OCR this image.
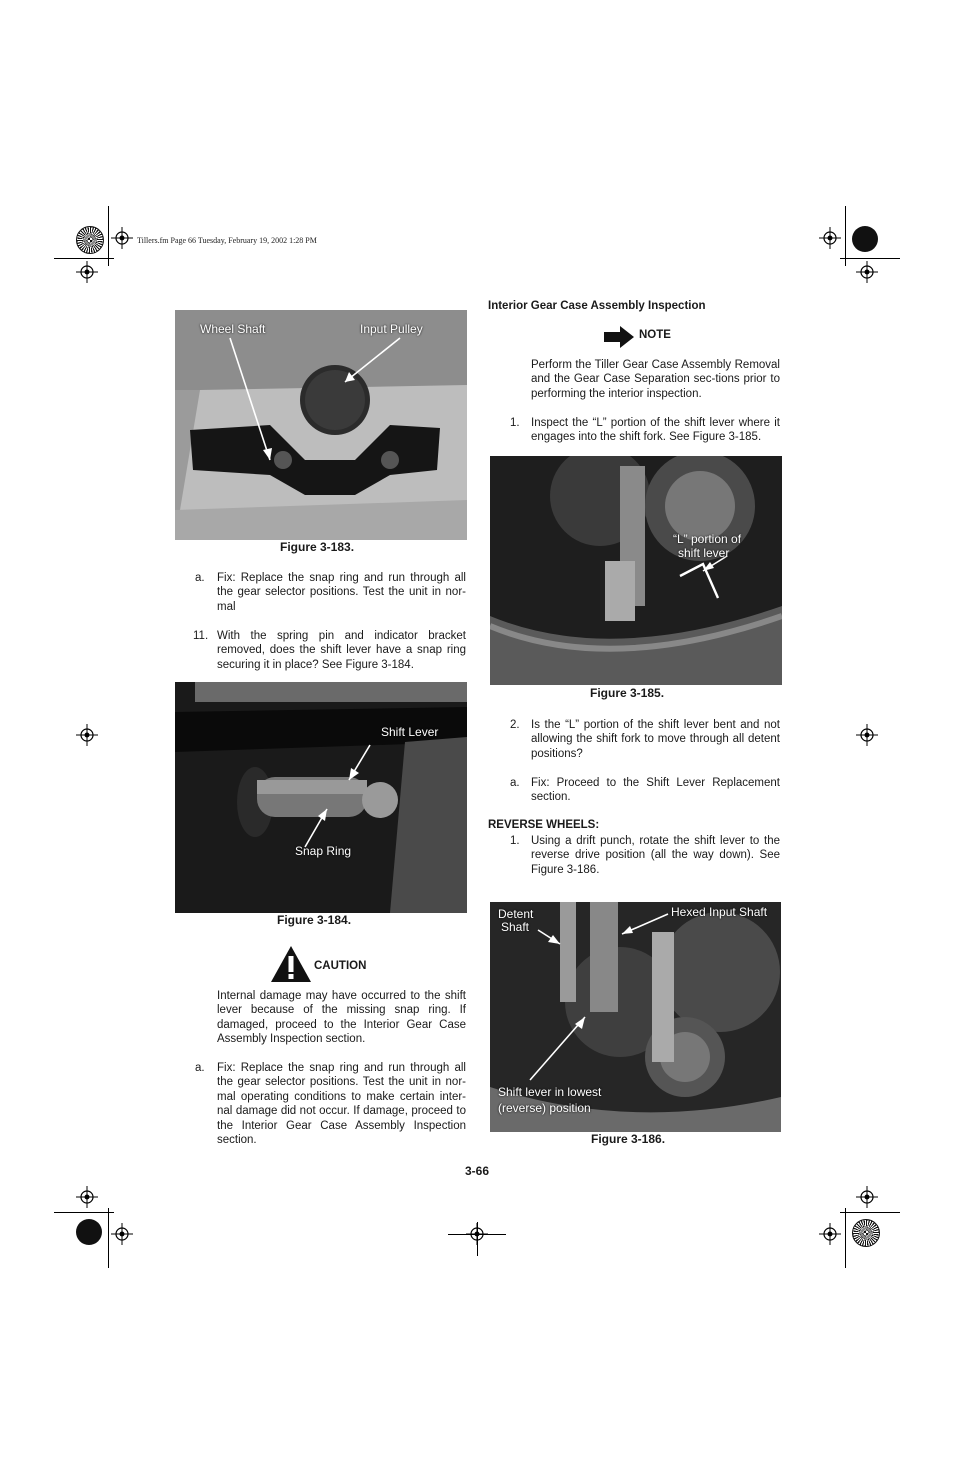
Tillers.fm Page 66 Tuesday, February 19, 2002 1:28 PM
Wheel Shaft	Input Pulley
Figure 3-183.
a. Fix: Replace the snap ring and run through all the gear selector positions. Test the unit in nor-mal
11. With the spring pin and indicator bracket removed, does the shift lever have a snap ring securing it in place? See Figure 3-184.
Shift Lever
Snap Ring
Figure 3-184.
CAUTION
Internal damage may have occurred to the shift lever because of the missing snap ring. If damaged, proceed to the Interior Gear Case Assembly Inspection section.
a. Fix: Replace the snap ring and run through all the gear selector positions. Test the unit in nor-mal operating conditions to make certain inter-nal damage did not occur. If damage, proceed to the Interior Gear Case Assembly Inspection section.
Interior Gear Case Assembly Inspection
NOTE
Perform the Tiller Gear Case Assembly Removal and the Gear Case Separation sec-tions prior to performing the interior inspection.
1. Inspect the “L” portion of the shift lever where it engages into the shift fork. See Figure 3-185.
“L” portion of
shift lever
Figure 3-185.
2. Is the “L” portion of the shift lever bent and not allowing the shift fork to move through all detent positions?
a. Fix: Proceed to the Shift Lever Replacement section.
REVERSE WHEELS:
1. Using a drift punch, rotate the shift lever to the reverse drive position (all the way down). See Figure 3-186.
Detent
Shaft
Hexed Input Shaft
Shift lever in lowest
(reverse) position
Figure 3-186.
3-66
